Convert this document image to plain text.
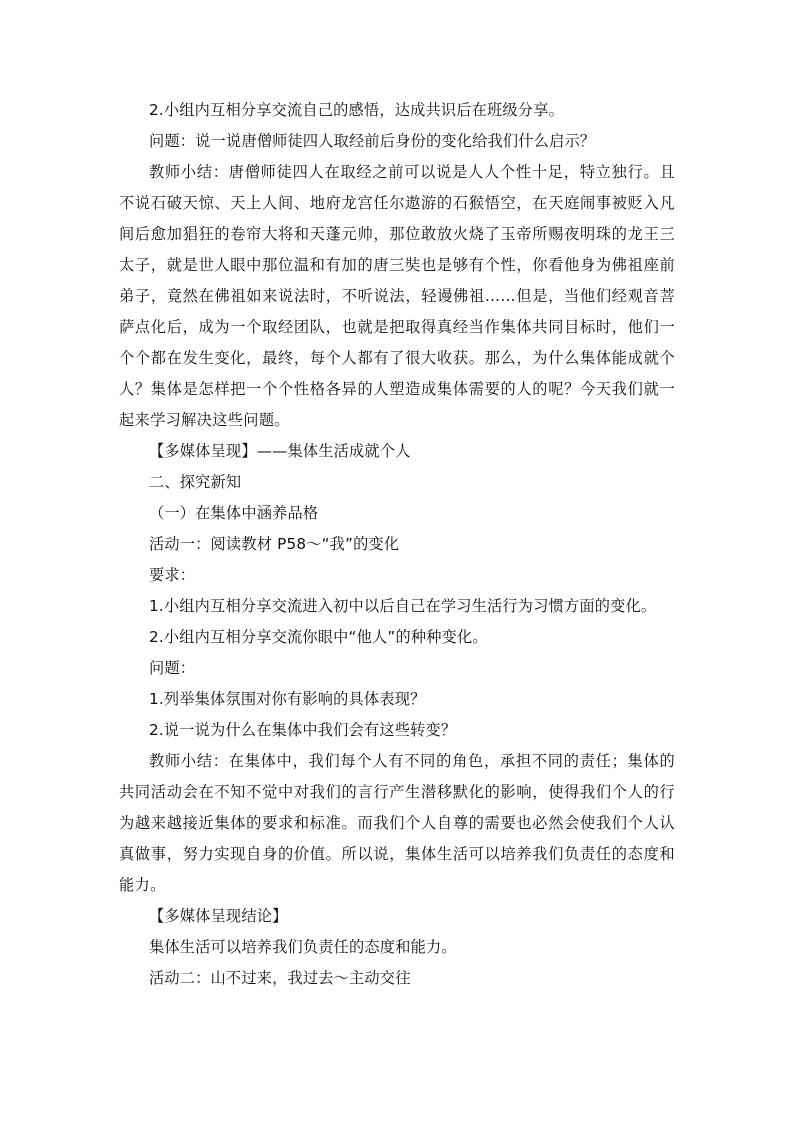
2.小组内互相分享交流自己的感悟，达成共识后在班级分享。
问题：说一说唐僧师徒四人取经前后身份的变化给我们什么启示？
教师小结：唐僧师徒四人在取经之前可以说是人人个性十足，特立独行。且不说石破天惊、天上人间、地府龙宫任尔遨游的石猴悟空，在天庭闹事被贬入凡间后愈加猖狂的卷帘大将和天蓬元帅，那位敢放火烧了玉帝所赐夜明珠的龙王三太子，就是世人眼中那位温和有加的唐三奘也是够有个性，你看他身为佛祖座前弟子，竟然在佛祖如来说法时，不听说法，轻谩佛祖……但是，当他们经观音菩萨点化后，成为一个取经团队，也就是把取得真经当作集体共同目标时，他们一个个都在发生变化，最终，每个人都有了很大收获。那么，为什么集体能成就个人？集体是怎样把一个个性格各异的人塑造成集体需要的人的呢？今天我们就一起来学习解决这些问题。
【多媒体呈现】——集体生活成就个人
二、探究新知
（一）在集体中涵养品格
活动一：阅读教材 P58～“我”的变化
要求：
1.小组内互相分享交流进入初中以后自己在学习生活行为习惯方面的变化。
2.小组内互相分享交流你眼中“他人”的种种变化。
问题：
1.列举集体氛围对你有影响的具体表现？
2.说一说为什么在集体中我们会有这些转变？
教师小结：在集体中，我们每个人有不同的角色，承担不同的责任；集体的共同活动会在不知不觉中对我们的言行产生潜移默化的影响，使得我们个人的行为越来越接近集体的要求和标准。而我们个人自尊的需要也必然会使我们个人认真做事，努力实现自身的价值。所以说，集体生活可以培养我们负责任的态度和能力。
【多媒体呈现结论】
集体生活可以培养我们负责任的态度和能力。
活动二：山不过来，我过去～主动交往
